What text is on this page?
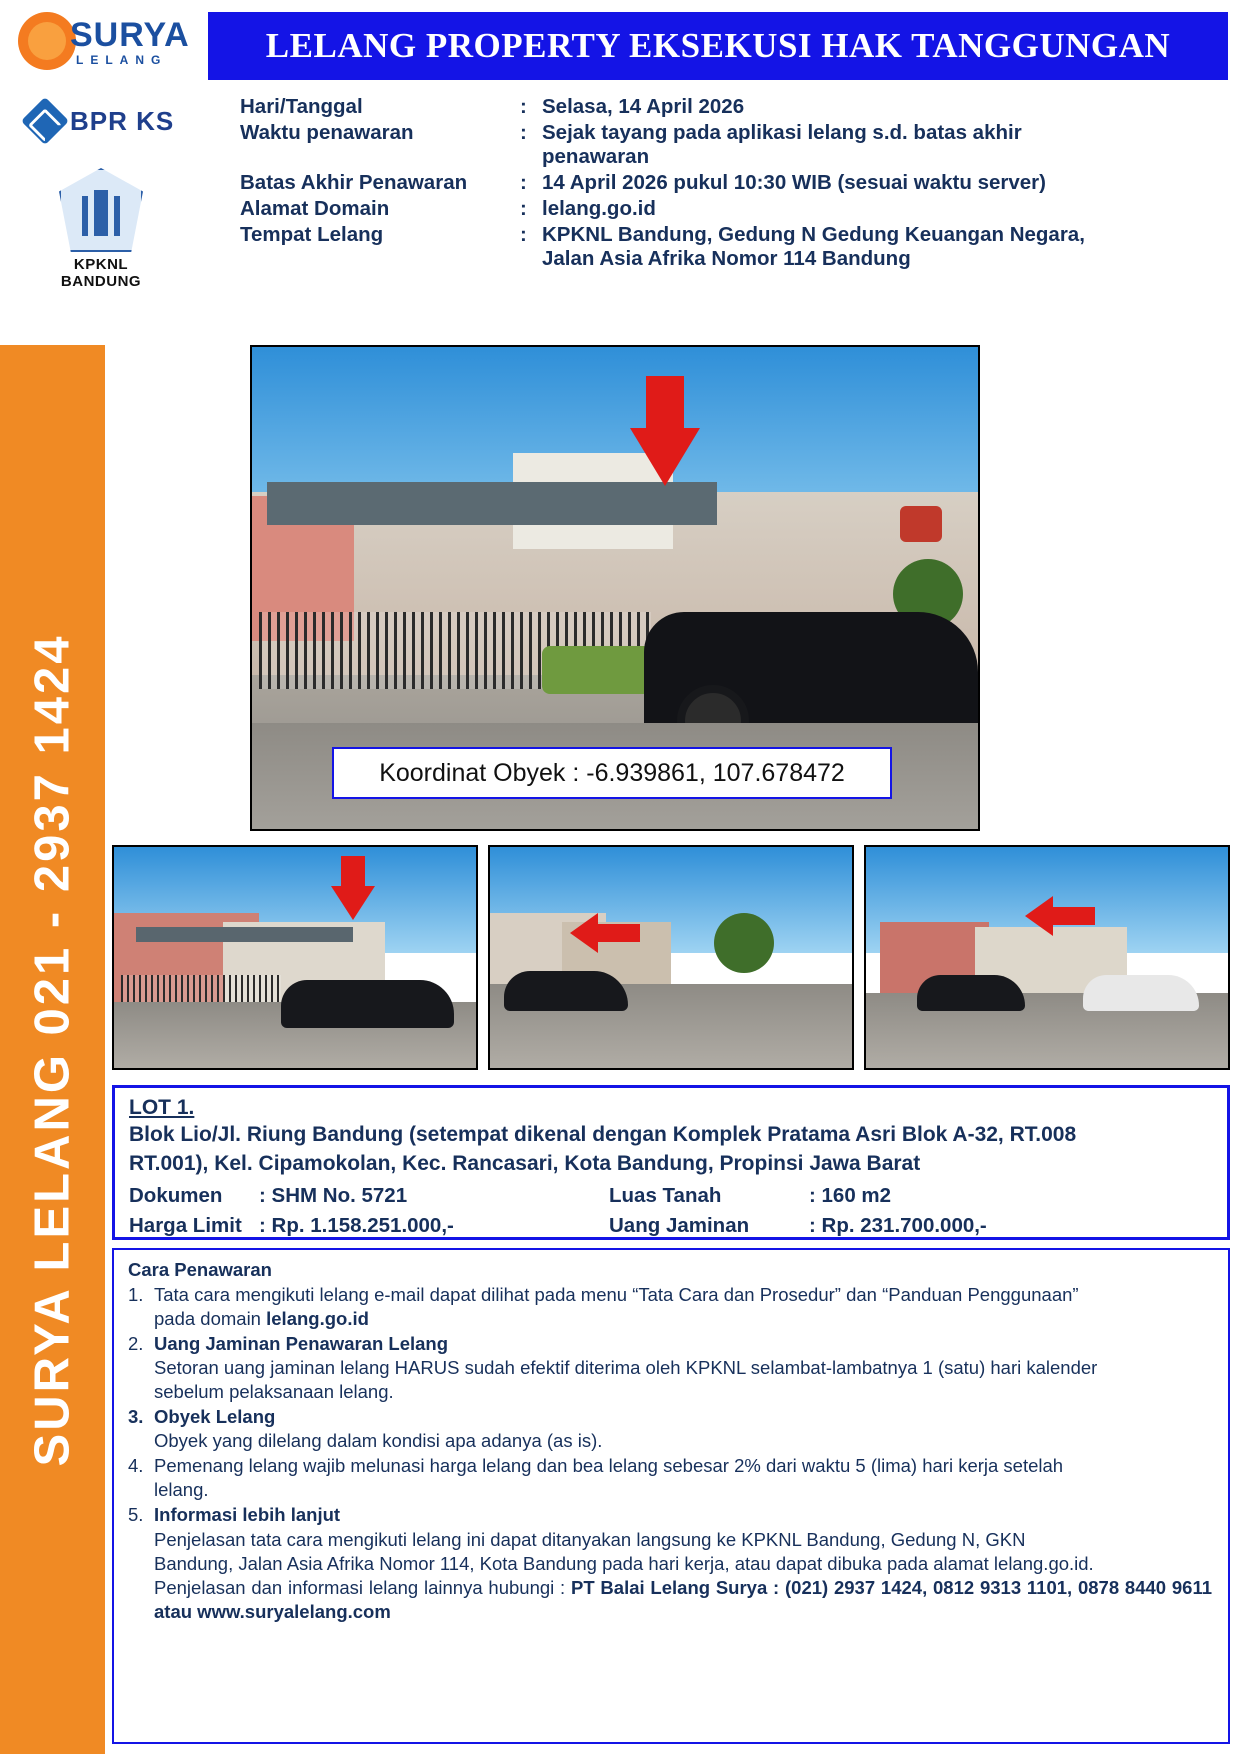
SURYA LELANG 021 - 2937 1424
SURYA
LELANG
BPR KS
KPKNL BANDUNG
LELANG PROPERTY EKSEKUSI HAK TANGGUNGAN
Hari/Tanggal	: Selasa, 14 April 2026
Waktu penawaran	: Sejak tayang pada aplikasi lelang s.d. batas akhir
penawaran
Batas Akhir Penawaran	: 14 April 2026 pukul 10:30 WIB (sesuai waktu server)
Alamat Domain	: lelang.go.id
Tempat Lelang	: KPKNL Bandung, Gedung N Gedung Keuangan Negara,
Jalan Asia Afrika Nomor 114 Bandung
Koordinat Obyek : -6.939861, 107.678472
LOT 1.
Blok Lio/Jl. Riung Bandung (setempat dikenal dengan Komplek Pratama Asri Blok A-32, RT.008
RT.001), Kel. Cipamokolan, Kec. Rancasari, Kota Bandung, Propinsi Jawa Barat
Dokumen	: SHM No. 5721	Luas Tanah	: 160 m2
Harga Limit : Rp. 1.158.251.000,-	Uang Jaminan	: Rp. 231.700.000,-
Cara Penawaran
1. Tata cara mengikuti lelang e-mail dapat dilihat pada menu “Tata Cara dan Prosedur” dan “Panduan Penggunaan”
pada domain lelang.go.id
2. Uang Jaminan Penawaran Lelang
Setoran uang jaminan lelang HARUS sudah efektif diterima oleh KPKNL selambat-lambatnya 1 (satu) hari kalender
sebelum pelaksanaan lelang.
3. Obyek Lelang
Obyek yang dilelang dalam kondisi apa adanya (as is).
4. Pemenang lelang wajib melunasi harga lelang dan bea lelang sebesar 2% dari waktu 5 (lima) hari kerja setelah
lelang.
5. Informasi lebih lanjut
Penjelasan tata cara mengikuti lelang ini dapat ditanyakan langsung ke KPKNL Bandung, Gedung N, GKN
Bandung, Jalan Asia Afrika Nomor 114, Kota Bandung pada hari kerja, atau dapat dibuka pada alamat lelang.go.id.
Penjelasan dan informasi lelang lainnya hubungi : PT Balai Lelang Surya : (021) 2937 1424, 0812 9313 1101, 0878 8440 9611 atau www.suryalelang.com
